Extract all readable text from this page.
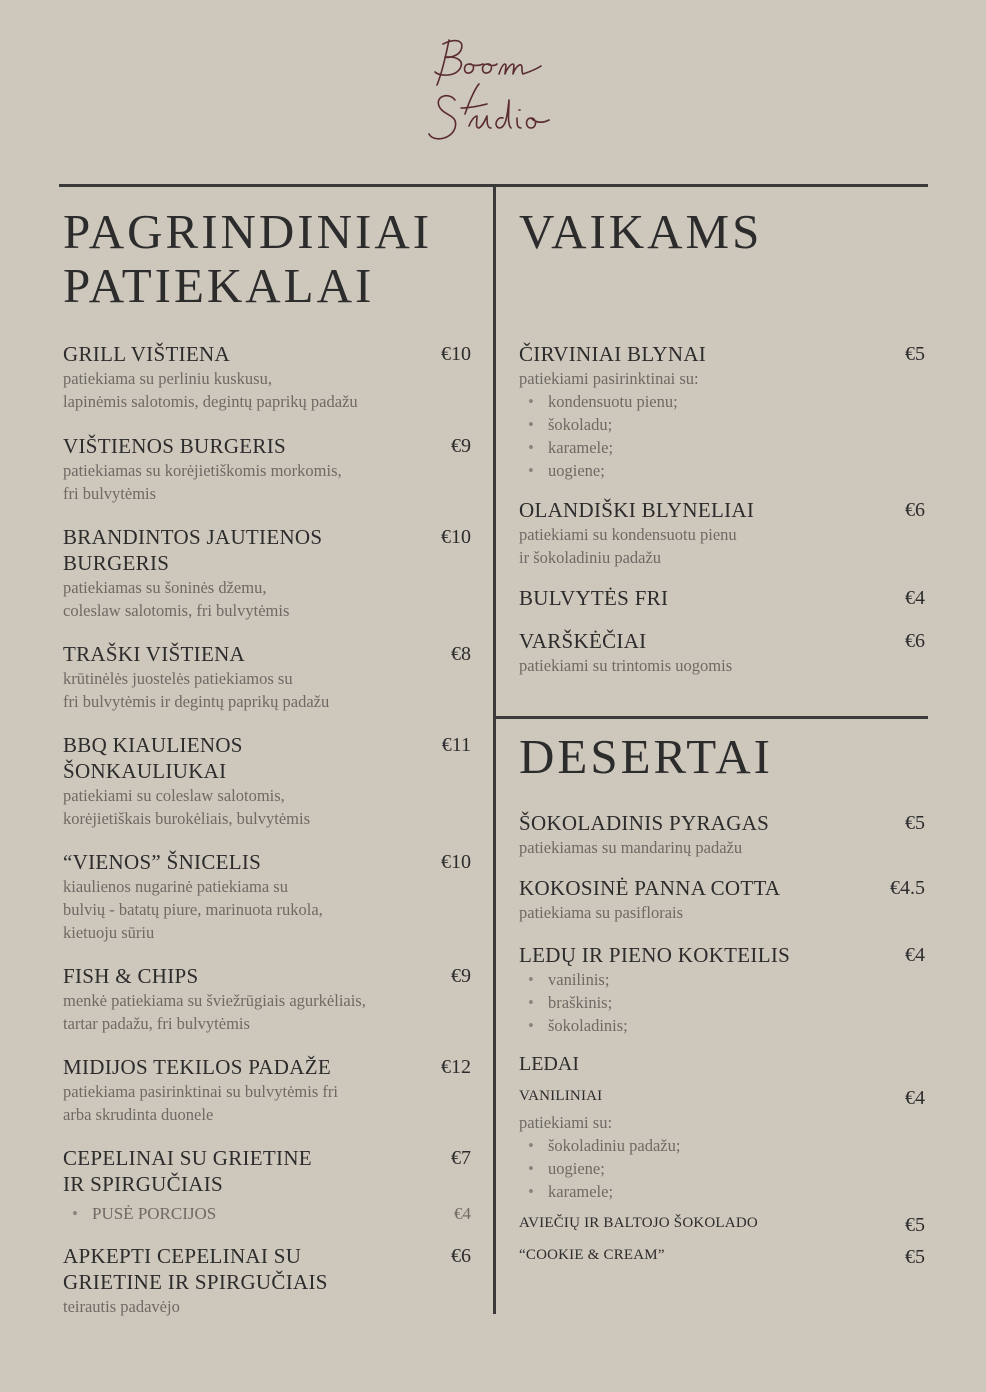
PAGRINDINIAI
PATIEKALAI
GRILL VIŠTIENA	€10
patiekiama su perliniu kuskusu,
lapinėmis salotomis, degintų paprikų padažu
VIŠTIENOS BURGERIS	€9
patiekiamas su korėjietiškomis morkomis,
fri bulvytėmis
BRANDINTOS JAUTIENOS
BURGERIS
€10
patiekiamas su šoninės džemu,
coleslaw salotomis, fri bulvytėmis
TRAŠKI VIŠTIENA	€8
krūtinėlės juostelės patiekiamos su
fri bulvytėmis ir degintų paprikų padažu
BBQ KIAULIENOS
ŠONKAULIUKAI
€11
patiekiami su coleslaw salotomis,
korėjietiškais burokėliais, bulvytėmis
“VIENOS” ŠNICELIS	€10
kiaulienos nugarinė patiekiama su
bulvių - batatų piure, marinuota rukola,
kietuoju sūriu
FISH & CHIPS	€9
menkė patiekiama su šviežrūgiais agurkėliais,
tartar padažu, fri bulvytėmis
MIDIJOS TEKILOS PADAŽE	€12
patiekiama pasirinktinai su bulvytėmis fri
arba skrudinta duonele
CEPELINAI SU GRIETINE
IR SPIRGUČIAIS
€7
• PUSĖ PORCIJOS	€4
APKEPTI CEPELINAI SU
GRIETINE IR SPIRGUČIAIS
€6
teirautis padavėjo
VAIKAMS
ČIRVINIAI BLYNAI	€5
patiekiami pasirinktinai su:
• kondensuotu pienu;
• šokoladu;
• karamele;
• uogiene;
OLANDIŠKI BLYNELIAI	€6
patiekiami su kondensuotu pienu
ir šokoladiniu padažu
BULVYTĖS FRI	€4
VARŠKĖČIAI	€6
patiekiami su trintomis uogomis
DESERTAI
ŠOKOLADINIS PYRAGAS	€5
patiekiamas su mandarinų padažu
KOKOSINĖ PANNA COTTA	€4.5
patiekiama su pasiflorais
LEDŲ IR PIENO KOKTEILIS	€4
• vanilinis;
• braškinis;
• šokoladinis;
LEDAI
VANILINIAI	€4
patiekiami su:
• šokoladiniu padažu;
• uogiene;
• karamele;
AVIEČIŲ IR BALTOJO ŠOKOLADO	€5
“COOKIE & CREAM”	€5
